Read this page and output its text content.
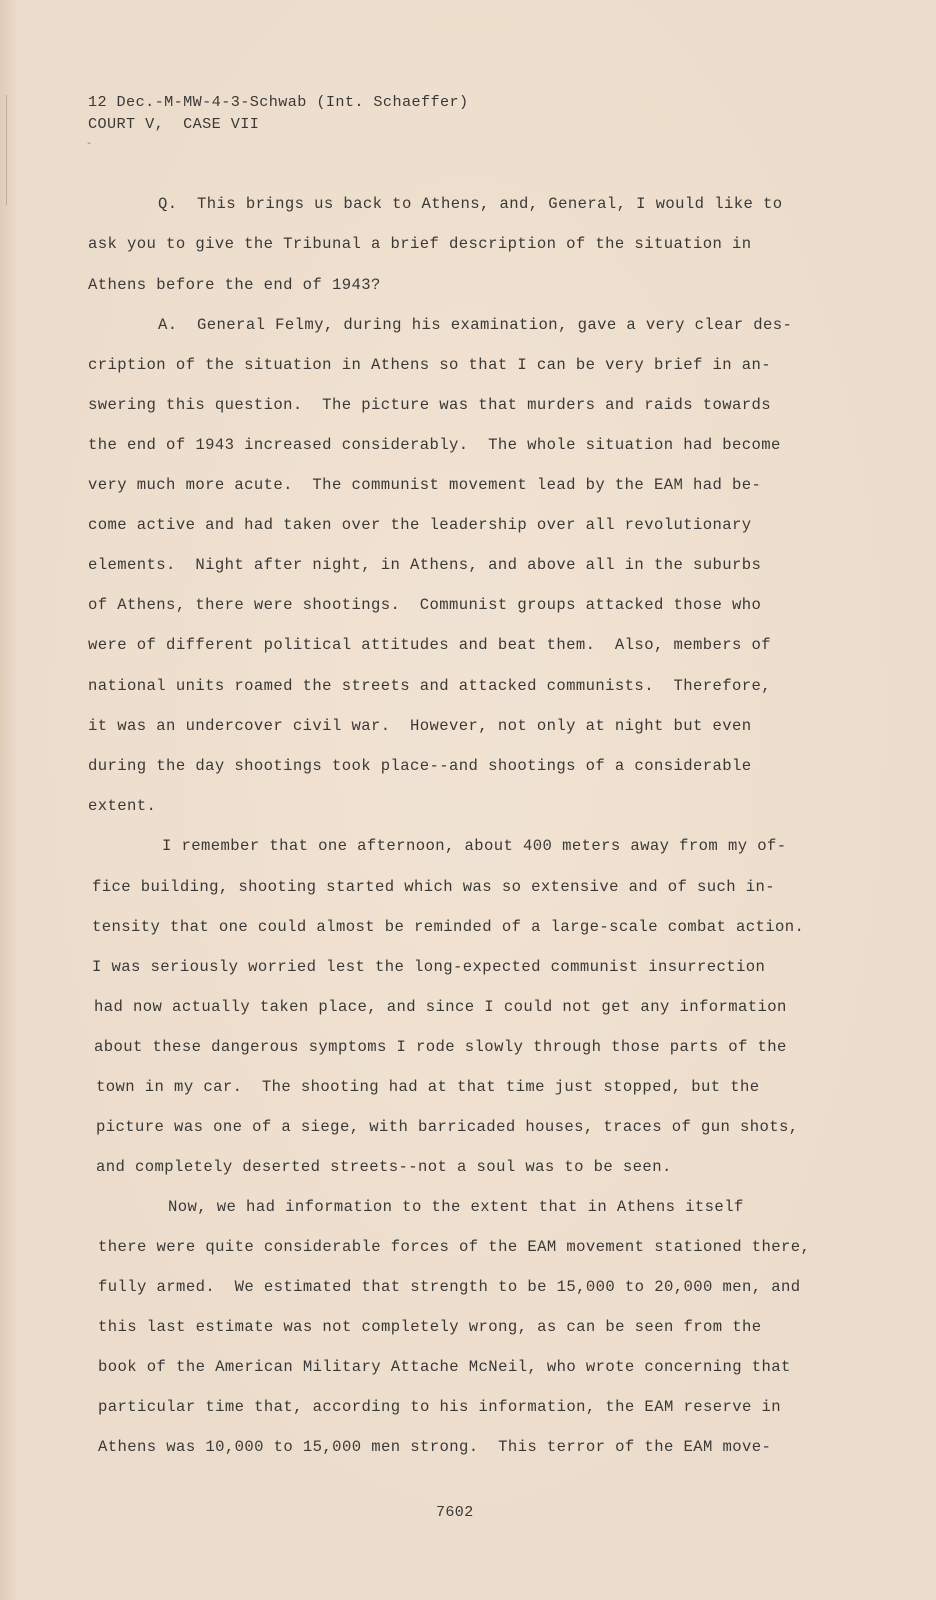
12 Dec.-M-MW-4-3-Schwab (Int. Schaeffer)

COURT V,  CASE VII

-

Q.  This brings us back to Athens, and, General, I would like to

ask you to give the Tribunal a brief description of the situation in

Athens before the end of 1943?

A.  General Felmy, during his examination, gave a very clear des-

cription of the situation in Athens so that I can be very brief in an-

swering this question.  The picture was that murders and raids towards

the end of 1943 increased considerably.  The whole situation had become

very much more acute.  The communist movement lead by the EAM had be-

come active and had taken over the leadership over all revolutionary

elements.  Night after night, in Athens, and above all in the suburbs

of Athens, there were shootings.  Communist groups attacked those who

were of different political attitudes and beat them.  Also, members of

national units roamed the streets and attacked communists.  Therefore,

it was an undercover civil war.  However, not only at night but even

during the day shootings took place--and shootings of a considerable

extent.

I remember that one afternoon, about 400 meters away from my of-

fice building, shooting started which was so extensive and of such in-

tensity that one could almost be reminded of a large-scale combat action.

I was seriously worried lest the long-expected communist insurrection

had now actually taken place, and since I could not get any information

about these dangerous symptoms I rode slowly through those parts of the

town in my car.  The shooting had at that time just stopped, but the

picture was one of a siege, with barricaded houses, traces of gun shots,

and completely deserted streets--not a soul was to be seen.

Now, we had information to the extent that in Athens itself

there were quite considerable forces of the EAM movement stationed there,

fully armed.  We estimated that strength to be 15,000 to 20,000 men, and

this last estimate was not completely wrong, as can be seen from the

book of the American Military Attache McNeil, who wrote concerning that

particular time that, according to his information, the EAM reserve in

Athens was 10,000 to 15,000 men strong.  This terror of the EAM move-

7602
